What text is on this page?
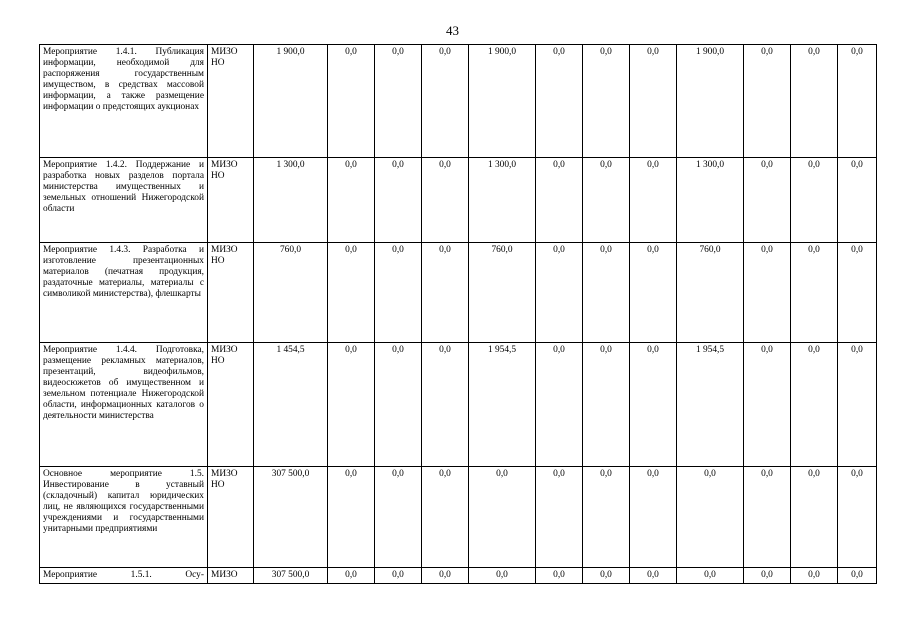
43
Мероприятие 1.4.1. Публикация информации, необходимой для распоряжения государственным имуществом, в средствах массовой информации, а также размещение информации о предстоящих аукционах	МИЗО НО	1 900,0	0,0	0,0	0,0	1 900,0	0,0	0,0	0,0	1 900,0	0,0	0,0	0,0
Мероприятие 1.4.2. Поддержание и разработка новых разделов портала министерства имущественных и земельных отношений Нижегородской области	МИЗО НО	1 300,0	0,0	0,0	0,0	1 300,0	0,0	0,0	0,0	1 300,0	0,0	0,0	0,0
Мероприятие 1.4.3. Разработка и изготовление презентационных материалов (печатная продукция, раздаточные материалы, материалы с символикой министерства), флешкарты	МИЗО НО	760,0	0,0	0,0	0,0	760,0	0,0	0,0	0,0	760,0	0,0	0,0	0,0
Мероприятие 1.4.4. Подготовка, размещение рекламных материалов, презентаций, видеофильмов, видеосюжетов об имущественном и земельном потенциале Нижегородской области, информационных каталогов о деятельности министерства	МИЗО НО	1 454,5	0,0	0,0	0,0	1 954,5	0,0	0,0	0,0	1 954,5	0,0	0,0	0,0
Основное мероприятие 1.5. Инвестирование в уставный (складочный) капитал юридических лиц, не являющихся государственными учреждениями и государственными унитарными предприятиями	МИЗО НО	307 500,0	0,0	0,0	0,0	0,0	0,0	0,0	0,0	0,0	0,0	0,0	0,0
Мероприятие 1.5.1. Осу-	МИЗО	307 500,0	0,0	0,0	0,0	0,0	0,0	0,0	0,0	0,0	0,0	0,0	0,0
